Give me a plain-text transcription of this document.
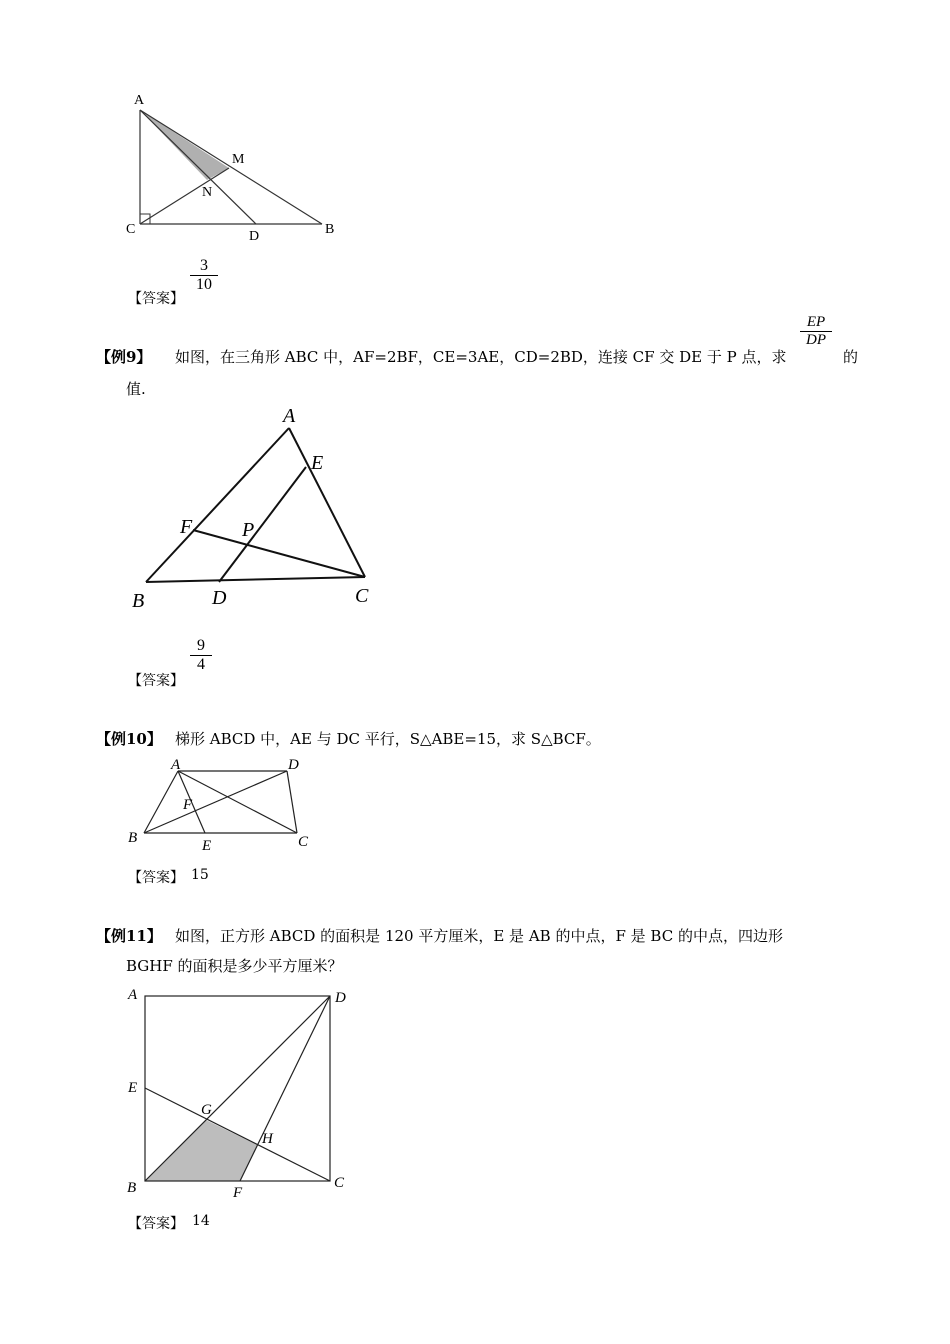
A
M
N
C	D	B
【答案】
3
10
【例9】 如图，在三角形 ABC 中，AF=2BF，CE=3AE，CD=2BD，连接 CF 交 DE 于 P 点，求
EP
DP
的
值.
A
E
F P
B	D	C
【答案】
9
4
【例10】 梯形 ABCD 中，AE 与 DC 平行，S△ABE=15，求 S△BCF。
A	D
F
B	E	C
【答案】 15
【例11】 如图，正方形 ABCD 的面积是 120 平方厘米，E 是 AB 的中点，F 是 BC 的中点，四边形
BGHF 的面积是多少平方厘米？
A	D
E
G
H
B	F
C
【答案】 14
